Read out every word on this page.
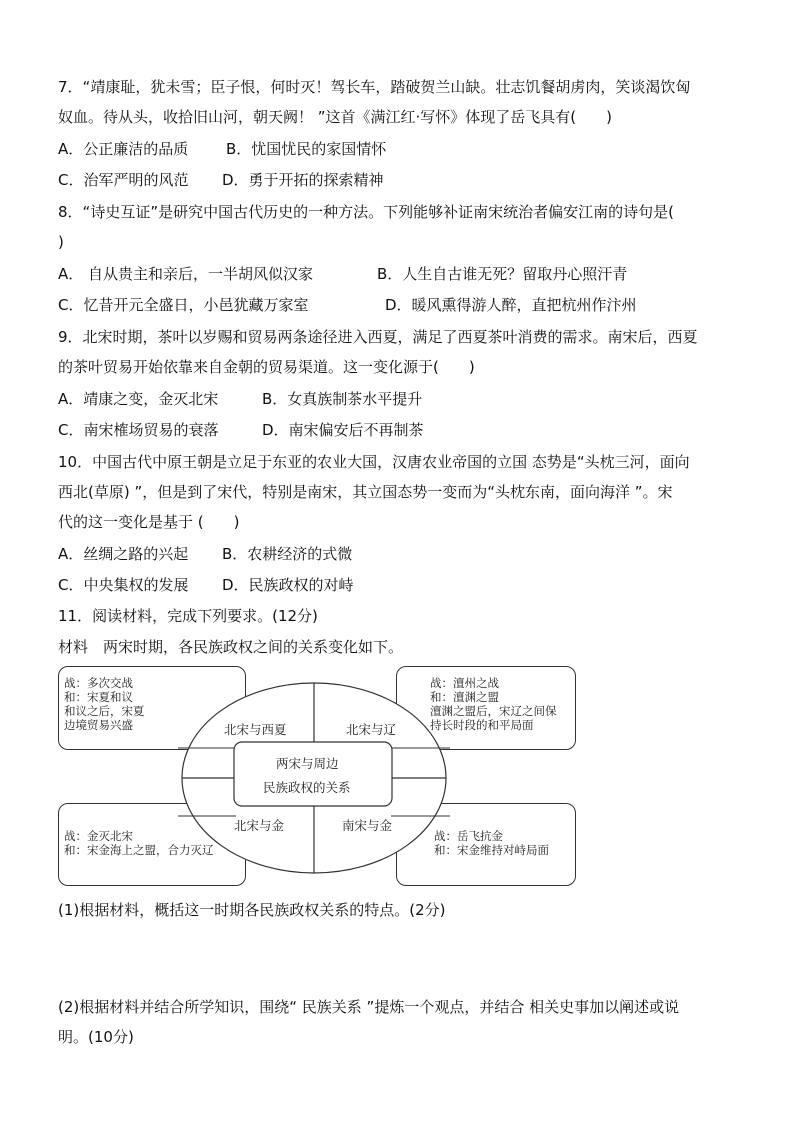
7．“靖康耻，犹未雪；臣子恨，何时灭！驾长车，踏破贺兰山缺。壮志饥餐胡虏肉，笑谈渴饮匈
奴血。待从头，收拾旧山河，朝天阙！ ”这首《满江红·写怀》体现了岳飞具有(　　)
A．公正廉洁的品质	B．忧国忧民的家国情怀
C．治军严明的风范 D．勇于开拓的探索精神
8．“诗史互证”是研究中国古代历史的一种方法。下列能够补证南宋统治者偏安江南的诗句是(
)
A． 自从贵主和亲后，一半胡风似汉家	B．人生自古谁无死？留取丹心照汗青
C．忆昔开元全盛日，小邑犹藏万家室	D．暖风熏得游人醉，直把杭州作汴州
9．北宋时期，茶叶以岁赐和贸易两条途径进入西夏，满足了西夏茶叶消费的需求。南宋后，西夏
的茶叶贸易开始依靠来自金朝的贸易渠道。这一变化源于(　　)
A．靖康之变，金灭北宋	B．女真族制茶水平提升
C．南宋榷场贸易的衰落	D．南宋偏安后不再制茶
10．中国古代中原王朝是立足于东亚的农业大国，汉唐农业帝国的立国 态势是“头枕三河，面向
西北(草原) ”，但是到了宋代，特别是南宋，其立国态势一变而为“头枕东南，面向海洋 ”。宋
代的这一变化是基于 (　　)
A．丝绸之路的兴起 B．农耕经济的式微
C．中央集权的发展 D．民族政权的对峙
11．阅读材料，完成下列要求。(12分)
材料　两宋时期，各民族政权之间的关系变化如下。
两宋与周边
民族政权的关系
北宋与西夏	北宋与辽
北宋与金	南宋与金
战：多次交战
和：宋夏和议
和议之后，宋夏
边境贸易兴盛
战：澶州之战
和：澶渊之盟
澶渊之盟后，宋辽之间保
持长时段的和平局面
战：金灭北宋
和：宋金海上之盟，合力灭辽
战：岳飞抗金
和：宋金维持对峙局面
(1)根据材料，概括这一时期各民族政权关系的特点。(2分)
(2)根据材料并结合所学知识，围绕“ 民族关系 ”提炼一个观点，并结合 相关史事加以阐述或说
明。(10分)
